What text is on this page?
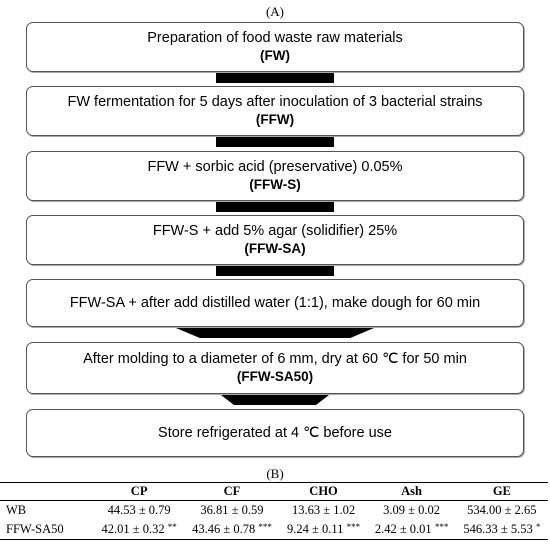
(A)
Preparation of food waste raw materials
(FW)
FW fermentation for 5 days after inoculation of 3 bacterial strains
(FFW)
FFW + sorbic acid (preservative) 0.05%
(FFW-S)
FFW-S + add 5% agar (solidifier) 25%
(FFW-SA)
FFW-SA + after add distilled water (1:1), make dough for 60 min
After molding to a diameter of 6 mm, dry at 60 ℃ for 50 min
(FFW-SA50)
Store refrigerated at 4 ℃ before use
(B)
	CP	CF	CHO	Ash	GE
WB	44.53 ± 0.79	36.81 ± 0.59	13.63 ± 1.02	3.09 ± 0.02	534.00 ± 2.65
FFW-SA50	42.01 ± 0.32 **	43.46 ± 0.78 ***	9.24 ± 0.11 ***	2.42 ± 0.01 ***	546.33 ± 5.53 *
